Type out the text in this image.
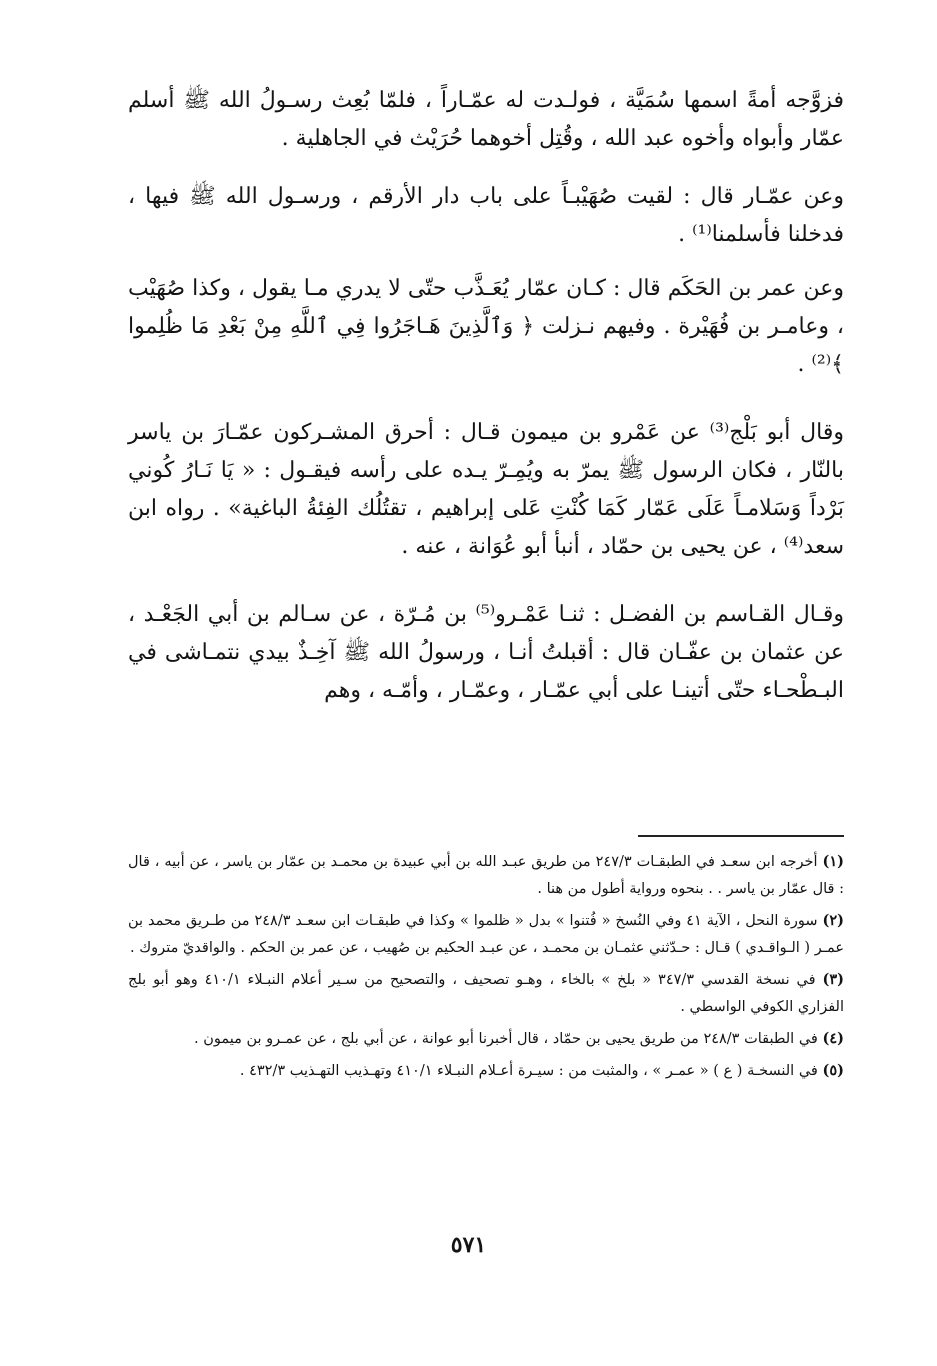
فزوَّجه أمةً اسمها سُمَيَّة ، فولـدت له عمّـاراً ، فلمّا بُعِث رسـولُ الله ﷺ أسلم عمّار وأبواه وأخوه عبد الله ، وقُتِل أخوهما حُرَيْث في الجاهلية .

وعن عمّـار قال : لقيت صُهَيْبـاً على باب دار الأرقم ، ورسـول الله ﷺ فيها ، فدخلنا فأسلمنا⁽¹⁾ .

وعن عمر بن الحَكَم قال : كـان عمّار يُعَـذَّب حتّى لا يدري مـا يقول ، وكذا صُهَيْب ، وعامـر بن فُهَيْرة . وفيهم نـزلت ﴿ وَٱلَّذِينَ هَـاجَرُوا فِي ٱللَّهِ مِنْ بَعْدِ مَا ظُلِموا ﴾⁽²⁾ .

وقال أبو بَلْج⁽³⁾ عن عَمْرو بن ميمون قـال : أحرق المشـركون عمّـارَ بن ياسر بالنّار ، فكان الرسول ﷺ يمرّ به ويُمِـرّ يـده على رأسه فيقـول : « يَا نَـارُ كُوني بَرْداً وَسَلامـاً عَلَى عَمّار كَمَا كُنْتِ عَلى إبراهيم ، تقتُلُك الفِئةُ الباغية» . رواه ابن سعد⁽⁴⁾ ، عن يحيى بن حمّاد ، أنبأ أبو عُوَانة ، عنه .

وقـال القـاسم بن الفضـل : ثنـا عَمْـرو⁽⁵⁾ بن مُـرّة ، عن سـالم بن أبي الجَعْـد ، عن عثمان بن عفّـان قال : أقبلتُ أنـا ، ورسولُ الله ﷺ آخِـذٌ بيدي نتمـاشى في البـطْحـاء حتّى أتينـا على أبي عمّـار ، وعمّـار ، وأمّـه ، وهم

(١) أخرجه ابن سعـد في الطبقـات ٢٤٧/٣ من طريق عبـد الله بن أبي عبيدة بن محمـد بن عمّار بن ياسر ، عن أبيه ، قال : قال عمّار بن ياسر . . بنحوه ورواية أطول من هنا .

(٢) سورة النحل ، الآية ٤١ وفي النُسخ « فُتنوا » بدل « ظلموا » وكذا في طبقـات ابن سعـد ٢٤٨/٣ من طـريق محمد بن عمـر ( الـواقـدي ) قـال : حـدّثني عثمـان بن محمـد ، عن عبـد الحكيم بن صُهيب ، عن عمر بن الحكم . والواقديّ متروك .

(٣) في نسخة القدسي ٣٤٧/٣ « بلخ » بالخاء ، وهـو تصحيف ، والتصحيح من سـير أعلام النبـلاء ٤١٠/١ وهو أبو بلج الفزاري الكوفي الواسطي .

(٤) في الطبقات ٢٤٨/٣ من طريق يحيى بن حمّاد ، قال أخبرنا أبو عوانة ، عن أبي بلج ، عن عمـرو بن ميمون .

(٥) في النسخـة ( ع ) « عمـر » ، والمثبت من : سيـرة أعـلام النبـلاء ٤١٠/١ وتهـذيب التهـذيب ٤٣٢/٣ .

٥٧١
